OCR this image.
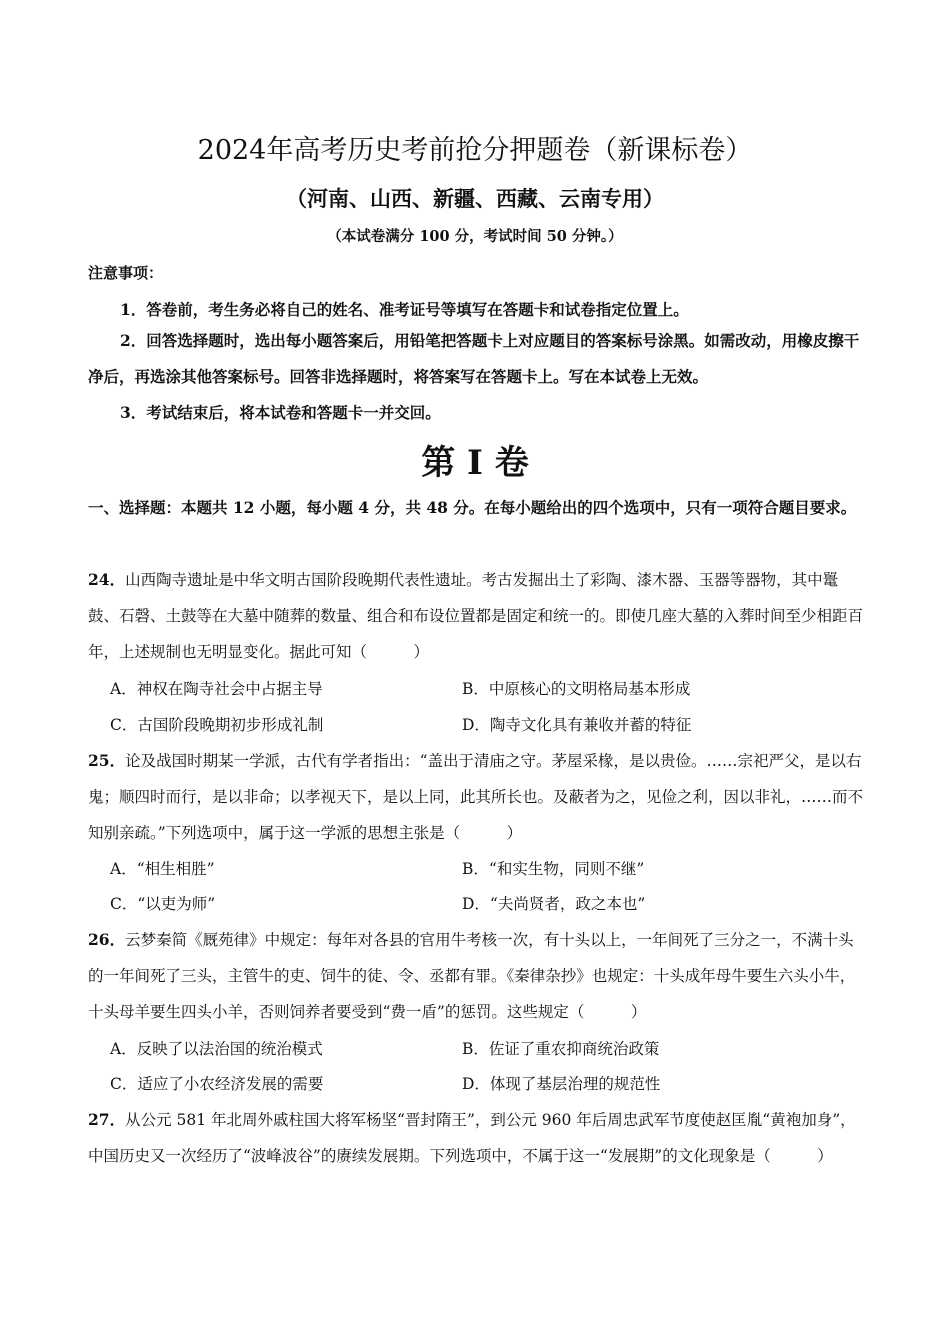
2024年高考历史考前抢分押题卷（新课标卷）
（河南、山西、新疆、西藏、云南专用）
（本试卷满分 100 分，考试时间 50 分钟。）
注意事项：
1．答卷前，考生务必将自己的姓名、准考证号等填写在答题卡和试卷指定位置上。
2．回答选择题时，选出每小题答案后，用铅笔把答题卡上对应题目的答案标号涂黑。如需改动，用橡皮擦干净后，再选涂其他答案标号。回答非选择题时，将答案写在答题卡上。写在本试卷上无效。
3．考试结束后，将本试卷和答题卡一并交回。
第 I 卷
一、选择题：本题共 12 小题，每小题 4 分，共 48 分。在每小题给出的四个选项中，只有一项符合题目要求。
24．山西陶寺遗址是中华文明古国阶段晚期代表性遗址。考古发掘出土了彩陶、漆木器、玉器等器物，其中鼍鼓、石磬、土鼓等在大墓中随葬的数量、组合和布设位置都是固定和统一的。即使几座大墓的入葬时间至少相距百年，上述规制也无明显变化。据此可知（　　　）
A．神权在陶寺社会中占据主导	B．中原核心的文明格局基本形成
C．古国阶段晚期初步形成礼制	D．陶寺文化具有兼收并蓄的特征
25．论及战国时期某一学派，古代有学者指出：“盖出于清庙之守。茅屋采椽，是以贵俭。……宗祀严父，是以右鬼；顺四时而行，是以非命；以孝视天下，是以上同，此其所长也。及蔽者为之，见俭之利，因以非礼，……而不知别亲疏。”下列选项中，属于这一学派的思想主张是（　　　）
A．“相生相胜”	B．“和实生物，同则不继”
C．“以吏为师”	D．“夫尚贤者，政之本也”
26．云梦秦简《厩苑律》中规定：每年对各县的官用牛考核一次，有十头以上，一年间死了三分之一，不满十头的一年间死了三头，主管牛的吏、饲牛的徒、令、丞都有罪。《秦律杂抄》也规定：十头成年母牛要生六头小牛，十头母羊要生四头小羊，否则饲养者要受到“费一盾”的惩罚。这些规定（　　　）
A．反映了以法治国的统治模式	B．佐证了重农抑商统治政策
C．适应了小农经济发展的需要	D．体现了基层治理的规范性
27．从公元 581 年北周外戚柱国大将军杨坚“晋封隋王”，到公元 960 年后周忠武军节度使赵匡胤“黄袍加身”，中国历史又一次经历了“波峰波谷”的赓续发展期。下列选项中，不属于这一“发展期”的文化现象是（　　　）
